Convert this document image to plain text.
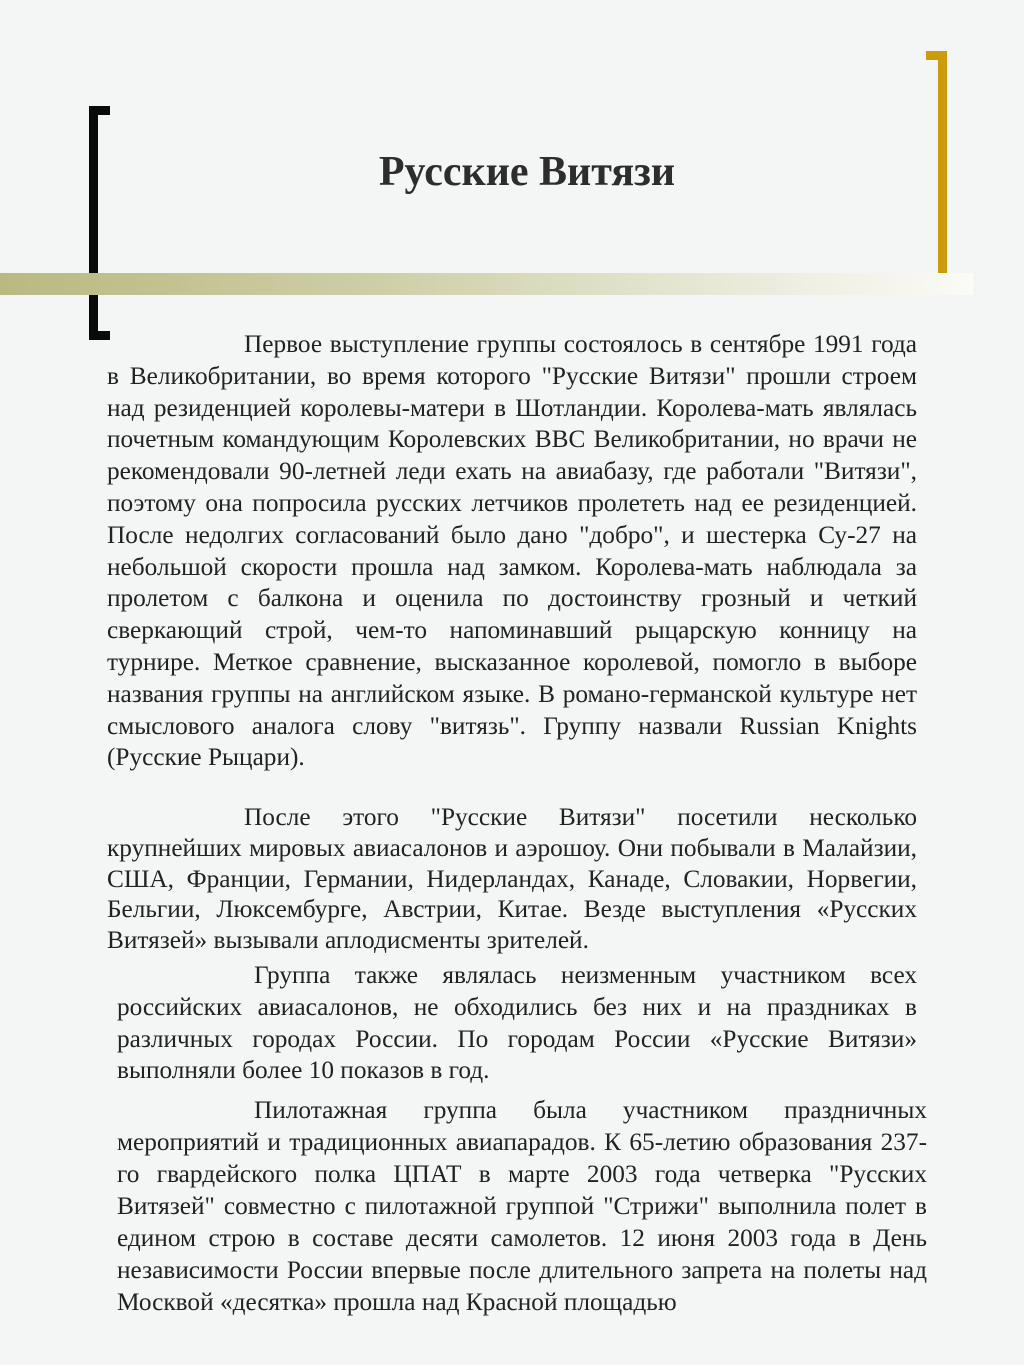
Русские Витязи

Первое выступление группы состоялось в сентябре 1991 года в Великобритании, во время которого "Русские Витязи" прошли строем над резиденцией королевы-матери в Шотландии. Королева-мать являлась почетным командующим Королевских ВВС Великобритании, но врачи не рекомендовали 90-летней леди ехать на авиабазу, где работали "Витязи", поэтому она попросила русских летчиков пролететь над ее резиденцией. После недолгих согласований было дано "добро", и шестерка Су-27 на небольшой скорости прошла над замком. Королева-мать наблюдала за пролетом с балкона и оценила по достоинству грозный и четкий сверкающий строй, чем-то напоминавший рыцарскую конницу на турнире. Меткое сравнение, высказанное королевой, помогло в выборе названия группы на английском языке. В романо-германской культуре нет смыслового аналога слову "витязь". Группу назвали Russian Knights (Русские Рыцари).

После этого "Русские Витязи" посетили несколько крупнейших мировых авиасалонов и аэрошоу. Они побывали в Малайзии, США, Франции, Германии, Нидерландах, Канаде, Словакии, Норвегии, Бельгии, Люксембурге, Австрии, Китае. Везде выступления «Русских Витязей» вызывали аплодисменты зрителей.

Группа также являлась неизменным участником всех российских авиасалонов, не обходились без них и на праздниках в различных городах России. По городам России «Русские Витязи» выполняли более 10 показов в год.

Пилотажная группа была участником праздничных мероприятий и традиционных авиапарадов. К 65-летию образования 237-го гвардейского полка ЦПАТ в марте 2003 года четверка "Русских Витязей" совместно с пилотажной группой "Стрижи" выполнила полет в едином строю в составе десяти самолетов. 12 июня 2003 года в День независимости России впервые после длительного запрета на полеты над Москвой «десятка» прошла над Красной площадью
